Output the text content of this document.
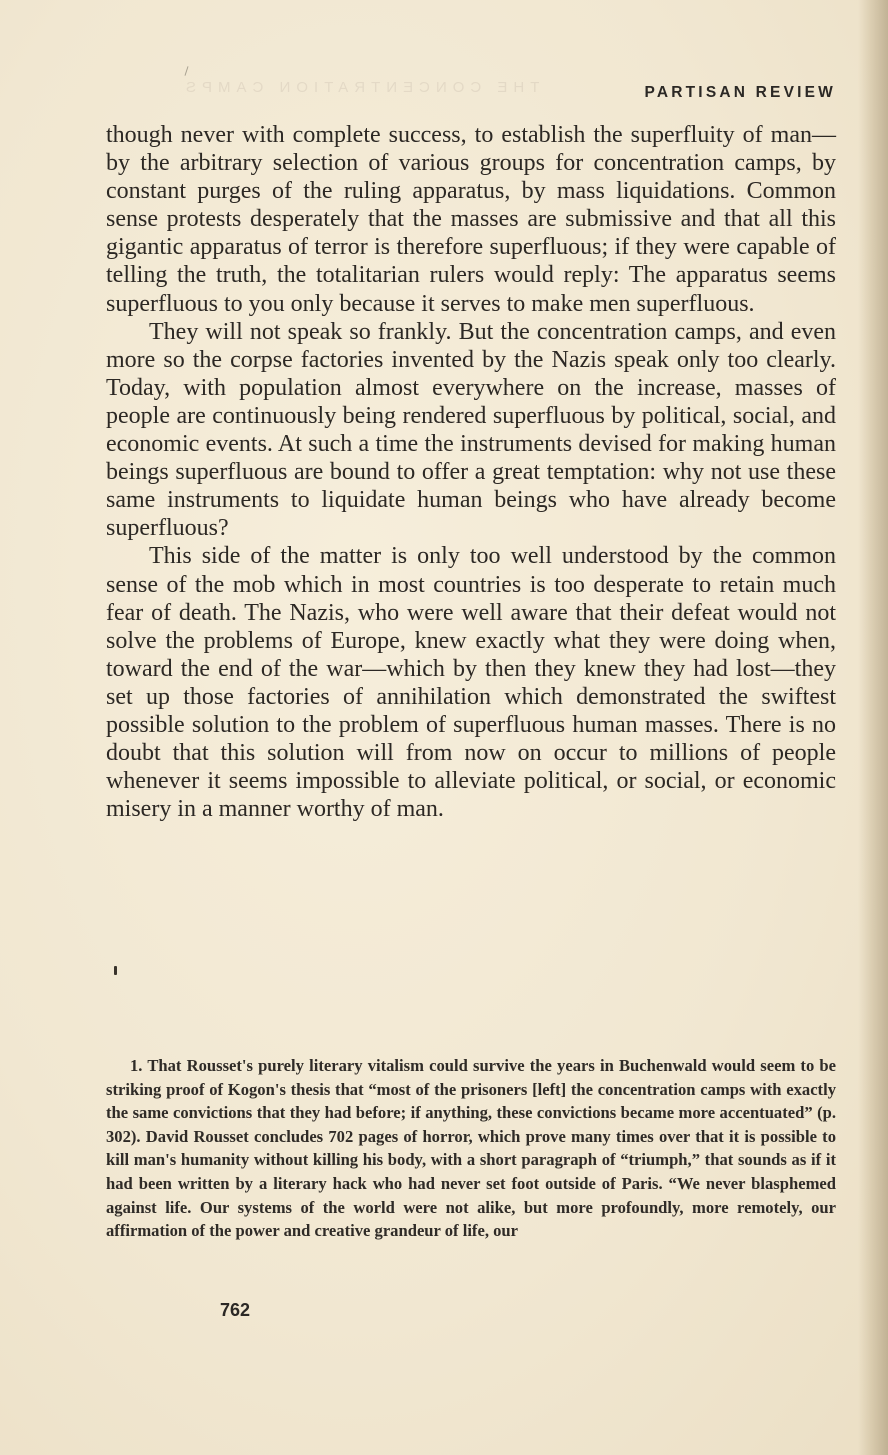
THE CONCENTRATION CAMPS	PARTISAN REVIEW

though never with complete success, to establish the superfluity of man—by the arbitrary selection of various groups for concentration camps, by constant purges of the ruling apparatus, by mass liquidations. Common sense protests desperately that the masses are submissive and that all this gigantic apparatus of terror is therefore superfluous; if they were capable of telling the truth, the totalitarian rulers would reply: The apparatus seems superfluous to you only because it serves to make men superfluous.

They will not speak so frankly. But the concentration camps, and even more so the corpse factories invented by the Nazis speak only too clearly. Today, with population almost everywhere on the increase, masses of people are continuously being rendered superfluous by political, social, and economic events. At such a time the instruments devised for making human beings superfluous are bound to offer a great temptation: why not use these same instruments to liquidate human beings who have already become superfluous?

This side of the matter is only too well understood by the common sense of the mob which in most countries is too desperate to retain much fear of death. The Nazis, who were well aware that their defeat would not solve the problems of Europe, knew exactly what they were doing when, toward the end of the war—which by then they knew they had lost—they set up those factories of annihilation which demonstrated the swiftest possible solution to the problem of superfluous human masses. There is no doubt that this solution will from now on occur to millions of people whenever it seems impossible to alleviate political, or social, or economic misery in a manner worthy of man.

1. That Rousset's purely literary vitalism could survive the years in Buchenwald would seem to be striking proof of Kogon's thesis that “most of the prisoners [left] the concentration camps with exactly the same convictions that they had before; if anything, these convictions became more accentuated” (p. 302). David Rousset concludes 702 pages of horror, which prove many times over that it is possible to kill man's humanity without killing his body, with a short paragraph of “triumph,” that sounds as if it had been written by a literary hack who had never set foot outside of Paris. “We never blasphemed against life. Our systems of the world were not alike, but more profoundly, more remotely, our affirmation of the power and creative grandeur of life, our
762
